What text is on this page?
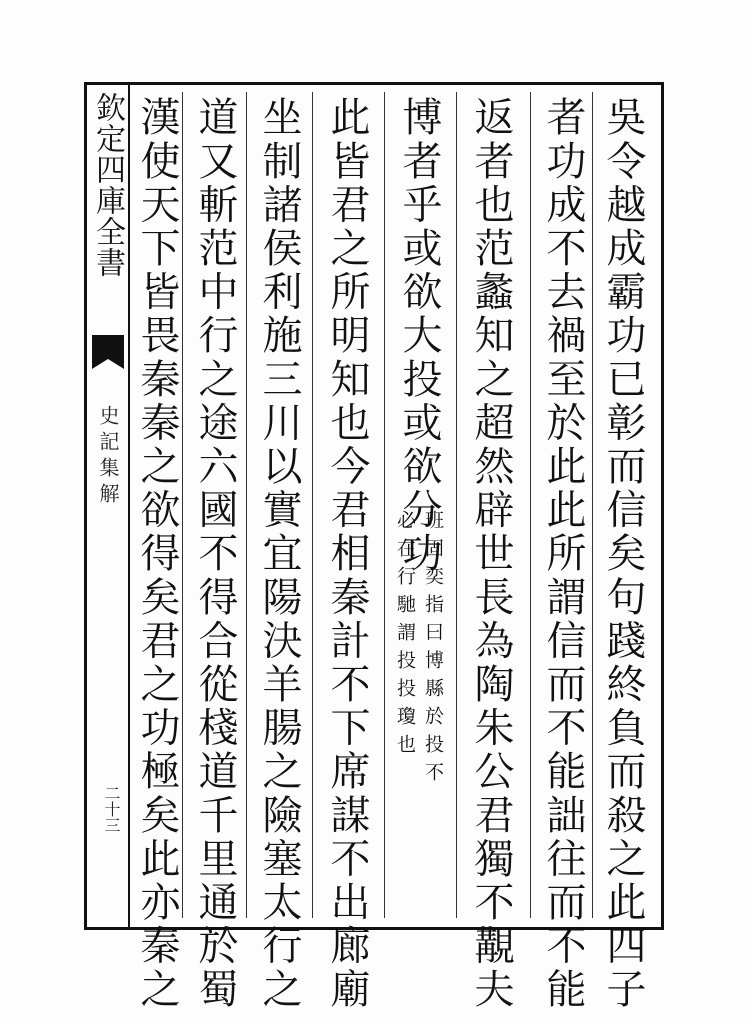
欽定四庫全書
史記集解
二十三	吳令越成霸功已彰而信矣句踐終負而殺之此四子
者功成不去禍至於此此所謂信而不能詘往而不能
返者也范蠡知之超然辟世長為陶朱公君獨不覯夫
博者乎或欲大投或欲分功
班固奕指曰博縣於投不
必在行馳謂投投瓊也
此皆君之所明知也今君相秦計不下席謀不出廊廟
坐制諸侯利施三川以實宜陽決羊腸之險塞太行之
道又斬范中行之途六國不得合從棧道千里通於蜀
漢使天下皆畏秦秦之欲得矣君之功極矣此亦秦之
